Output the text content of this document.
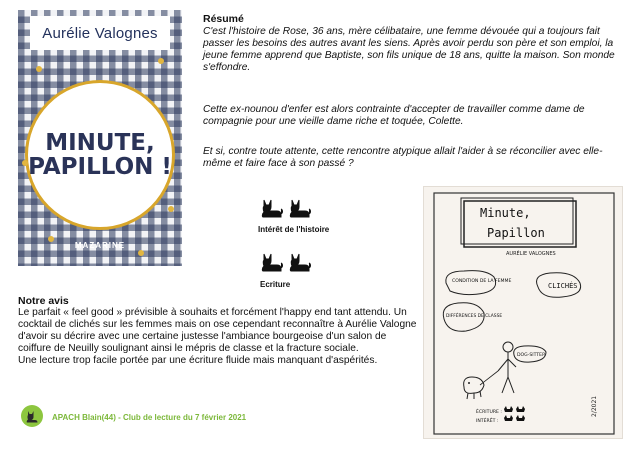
Aurélie Valognes
MINUTE,
PAPILLON !
MAZARINE
Résumé

C'est l'histoire de Rose, 36 ans, mère célibataire, une femme dévouée qui a toujours fait passer les besoins des autres avant les siens. Après avoir perdu son père et son emploi, la jeune femme apprend que Baptiste, son fils unique de 18 ans, quitte la maison. Son monde s'effondre.

Cette ex-nounou d'enfer est alors contrainte d'accepter de travailler comme dame de compagnie pour une vieille dame riche et toquée, Colette.

Et si, contre toute attente, cette rencontre atypique allait l'aider à se réconcilier avec elle-même et faire face à son passé ?

Intérêt de l'histoire
Ecriture
Minute,
Papillon
AURÉLIE VALOGNES
CONDITION DE LA FEMME
CLICHÉS
DIFFÉRENCES DE CLASSE
DOG-SITTER
ÉCRITURE :
INTÉRÊT :
2/2021
Notre avis

Le parfait « feel good » prévisible à souhaits et forcément l'happy end tant attendu. Un cocktail de clichés sur les femmes mais on ose cependant reconnaître à Aurélie Valogne d'avoir su décrire avec une certaine justesse l'ambiance bourgeoise d'un salon de coiffure de Neuilly soulignant ainsi le mépris de classe et la fracture sociale.

Une lecture trop facile portée par une écriture fluide mais manquant d'aspérités.

APACH Blain(44) - Club de lecture du 7 février 2021
